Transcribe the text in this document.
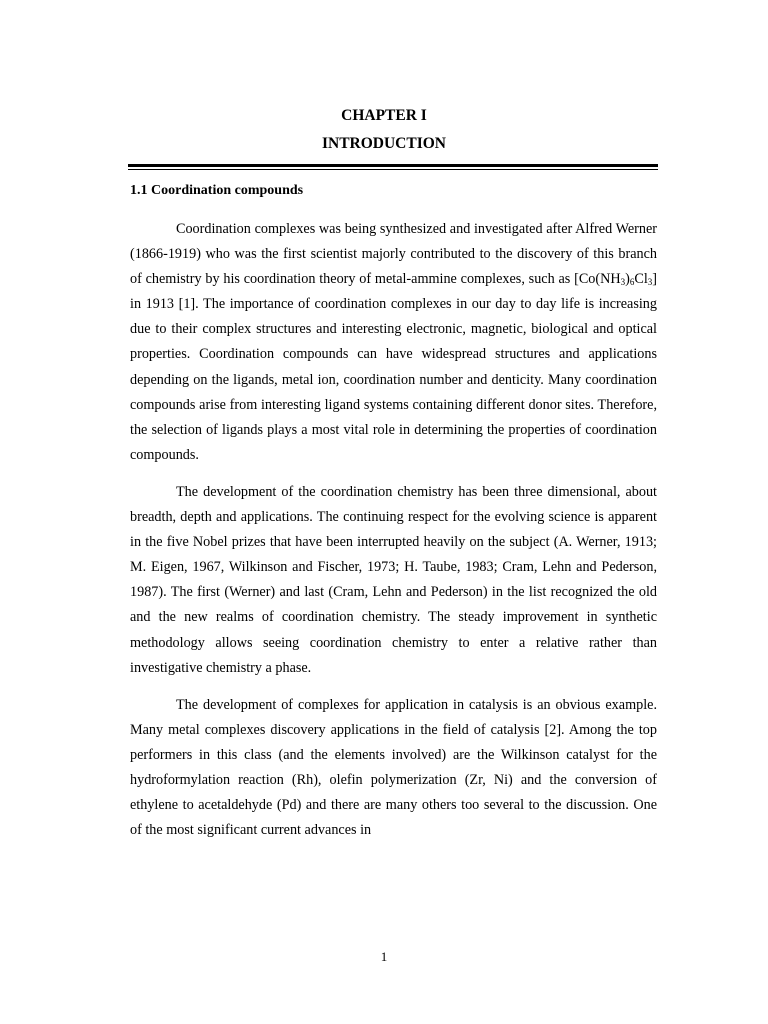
CHAPTER I
INTRODUCTION
1.1 Coordination compounds

Coordination complexes was being synthesized and investigated after Alfred Werner (1866-1919) who was the first scientist majorly contributed to the discovery of this branch of chemistry by his coordination theory of metal-ammine complexes, such as $[Co(NH_3)_6Cl_3]$ in 1913 [1]. The importance of coordination complexes in our day to day life is increasing due to their complex structures and interesting electronic, magnetic, biological and optical properties. Coordination compounds can have widespread structures and applications depending on the ligands, metal ion, coordination number and denticity. Many coordination compounds arise from interesting ligand systems containing different donor sites. Therefore, the selection of ligands plays a most vital role in determining the properties of coordination compounds.

The development of the coordination chemistry has been three dimensional, about breadth, depth and applications. The continuing respect for the evolving science is apparent in the five Nobel prizes that have been interrupted heavily on the subject (A. Werner, 1913; M. Eigen, 1967, Wilkinson and Fischer, 1973; H. Taube, 1983; Cram, Lehn and Pederson, 1987). The first (Werner) and last (Cram, Lehn and Pederson) in the list recognized the old and the new realms of coordination chemistry. The steady improvement in synthetic methodology allows seeing coordination chemistry to enter a relative rather than investigative chemistry a phase.

The development of complexes for application in catalysis is an obvious example. Many metal complexes discovery applications in the field of catalysis [2]. Among the top performers in this class (and the elements involved) are the Wilkinson catalyst for the hydroformylation reaction (Rh), olefin polymerization (Zr, Ni) and the conversion of ethylene to acetaldehyde (Pd) and there are many others too several to the discussion. One of the most significant current advances in

1
